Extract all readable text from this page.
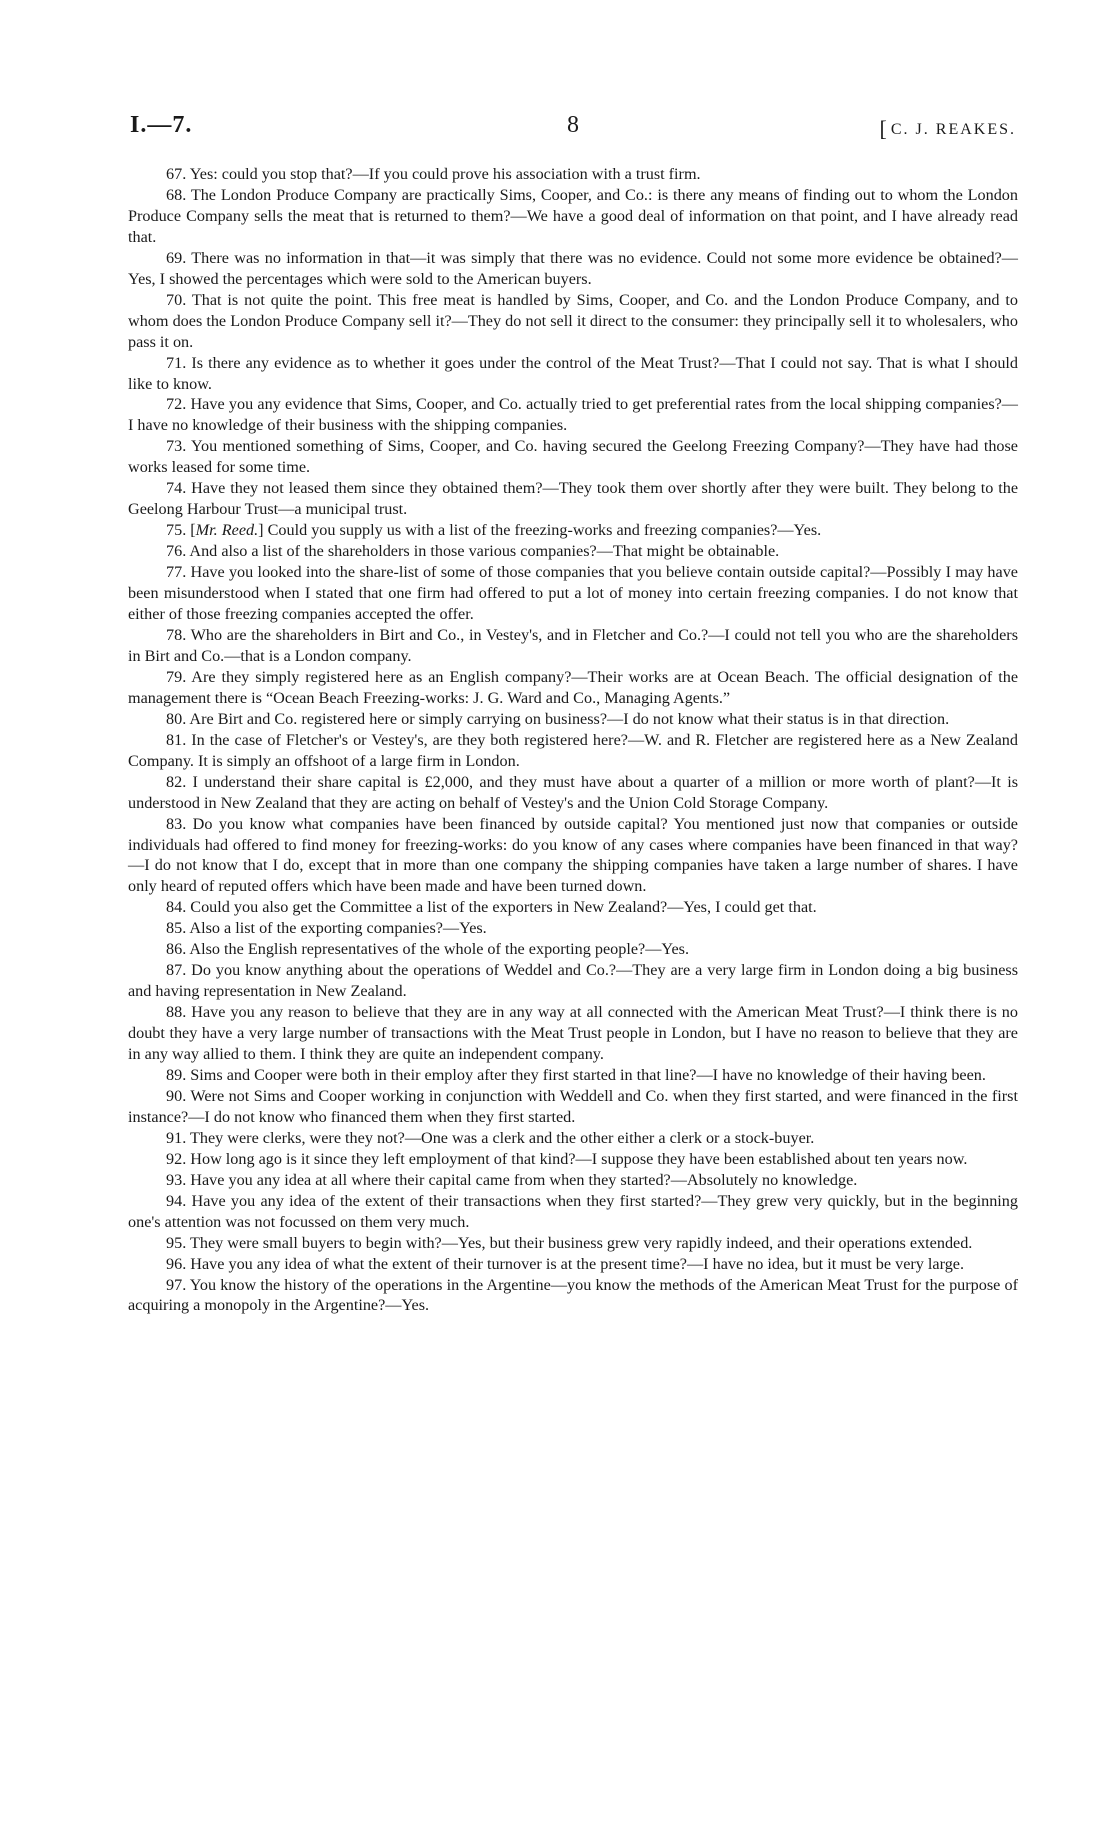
I.—7.	8	[ C. J. REAKES.

67. Yes: could you stop that?—If you could prove his association with a trust firm.

68. The London Produce Company are practically Sims, Cooper, and Co.: is there any means of finding out to whom the London Produce Company sells the meat that is returned to them?—We have a good deal of information on that point, and I have already read that.

69. There was no information in that—it was simply that there was no evidence. Could not some more evidence be obtained?—Yes, I showed the percentages which were sold to the American buyers.

70. That is not quite the point. This free meat is handled by Sims, Cooper, and Co. and the London Produce Company, and to whom does the London Produce Company sell it?—They do not sell it direct to the consumer: they principally sell it to wholesalers, who pass it on.

71. Is there any evidence as to whether it goes under the control of the Meat Trust?—That I could not say. That is what I should like to know.

72. Have you any evidence that Sims, Cooper, and Co. actually tried to get preferential rates from the local shipping companies?—I have no knowledge of their business with the shipping companies.

73. You mentioned something of Sims, Cooper, and Co. having secured the Geelong Freezing Company?—They have had those works leased for some time.

74. Have they not leased them since they obtained them?—They took them over shortly after they were built. They belong to the Geelong Harbour Trust—a municipal trust.

75. [Mr. Reed.] Could you supply us with a list of the freezing-works and freezing companies?—Yes.

76. And also a list of the shareholders in those various companies?—That might be obtainable.

77. Have you looked into the share-list of some of those companies that you believe contain outside capital?—Possibly I may have been misunderstood when I stated that one firm had offered to put a lot of money into certain freezing companies. I do not know that either of those freezing companies accepted the offer.

78. Who are the shareholders in Birt and Co., in Vestey's, and in Fletcher and Co.?—I could not tell you who are the shareholders in Birt and Co.—that is a London company.

79. Are they simply registered here as an English company?—Their works are at Ocean Beach. The official designation of the management there is “Ocean Beach Freezing-works: J. G. Ward and Co., Managing Agents.”

80. Are Birt and Co. registered here or simply carrying on business?—I do not know what their status is in that direction.

81. In the case of Fletcher's or Vestey's, are they both registered here?—W. and R. Fletcher are registered here as a New Zealand Company. It is simply an offshoot of a large firm in London.

82. I understand their share capital is £2,000, and they must have about a quarter of a million or more worth of plant?—It is understood in New Zealand that they are acting on behalf of Vestey's and the Union Cold Storage Company.

83. Do you know what companies have been financed by outside capital? You mentioned just now that companies or outside individuals had offered to find money for freezing-works: do you know of any cases where companies have been financed in that way?—I do not know that I do, except that in more than one company the shipping companies have taken a large number of shares. I have only heard of reputed offers which have been made and have been turned down.

84. Could you also get the Committee a list of the exporters in New Zealand?—Yes, I could get that.

85. Also a list of the exporting companies?—Yes.

86. Also the English representatives of the whole of the exporting people?—Yes.

87. Do you know anything about the operations of Weddel and Co.?—They are a very large firm in London doing a big business and having representation in New Zealand.

88. Have you any reason to believe that they are in any way at all connected with the American Meat Trust?—I think there is no doubt they have a very large number of transactions with the Meat Trust people in London, but I have no reason to believe that they are in any way allied to them. I think they are quite an independent company.

89. Sims and Cooper were both in their employ after they first started in that line?—I have no knowledge of their having been.

90. Were not Sims and Cooper working in conjunction with Weddell and Co. when they first started, and were financed in the first instance?—I do not know who financed them when they first started.

91. They were clerks, were they not?—One was a clerk and the other either a clerk or a stock-buyer.

92. How long ago is it since they left employment of that kind?—I suppose they have been established about ten years now.

93. Have you any idea at all where their capital came from when they started?—Absolutely no knowledge.

94. Have you any idea of the extent of their transactions when they first started?—They grew very quickly, but in the beginning one's attention was not focussed on them very much.

95. They were small buyers to begin with?—Yes, but their business grew very rapidly indeed, and their operations extended.

96. Have you any idea of what the extent of their turnover is at the present time?—I have no idea, but it must be very large.

97. You know the history of the operations in the Argentine—you know the methods of the American Meat Trust for the purpose of acquiring a monopoly in the Argentine?—Yes.
